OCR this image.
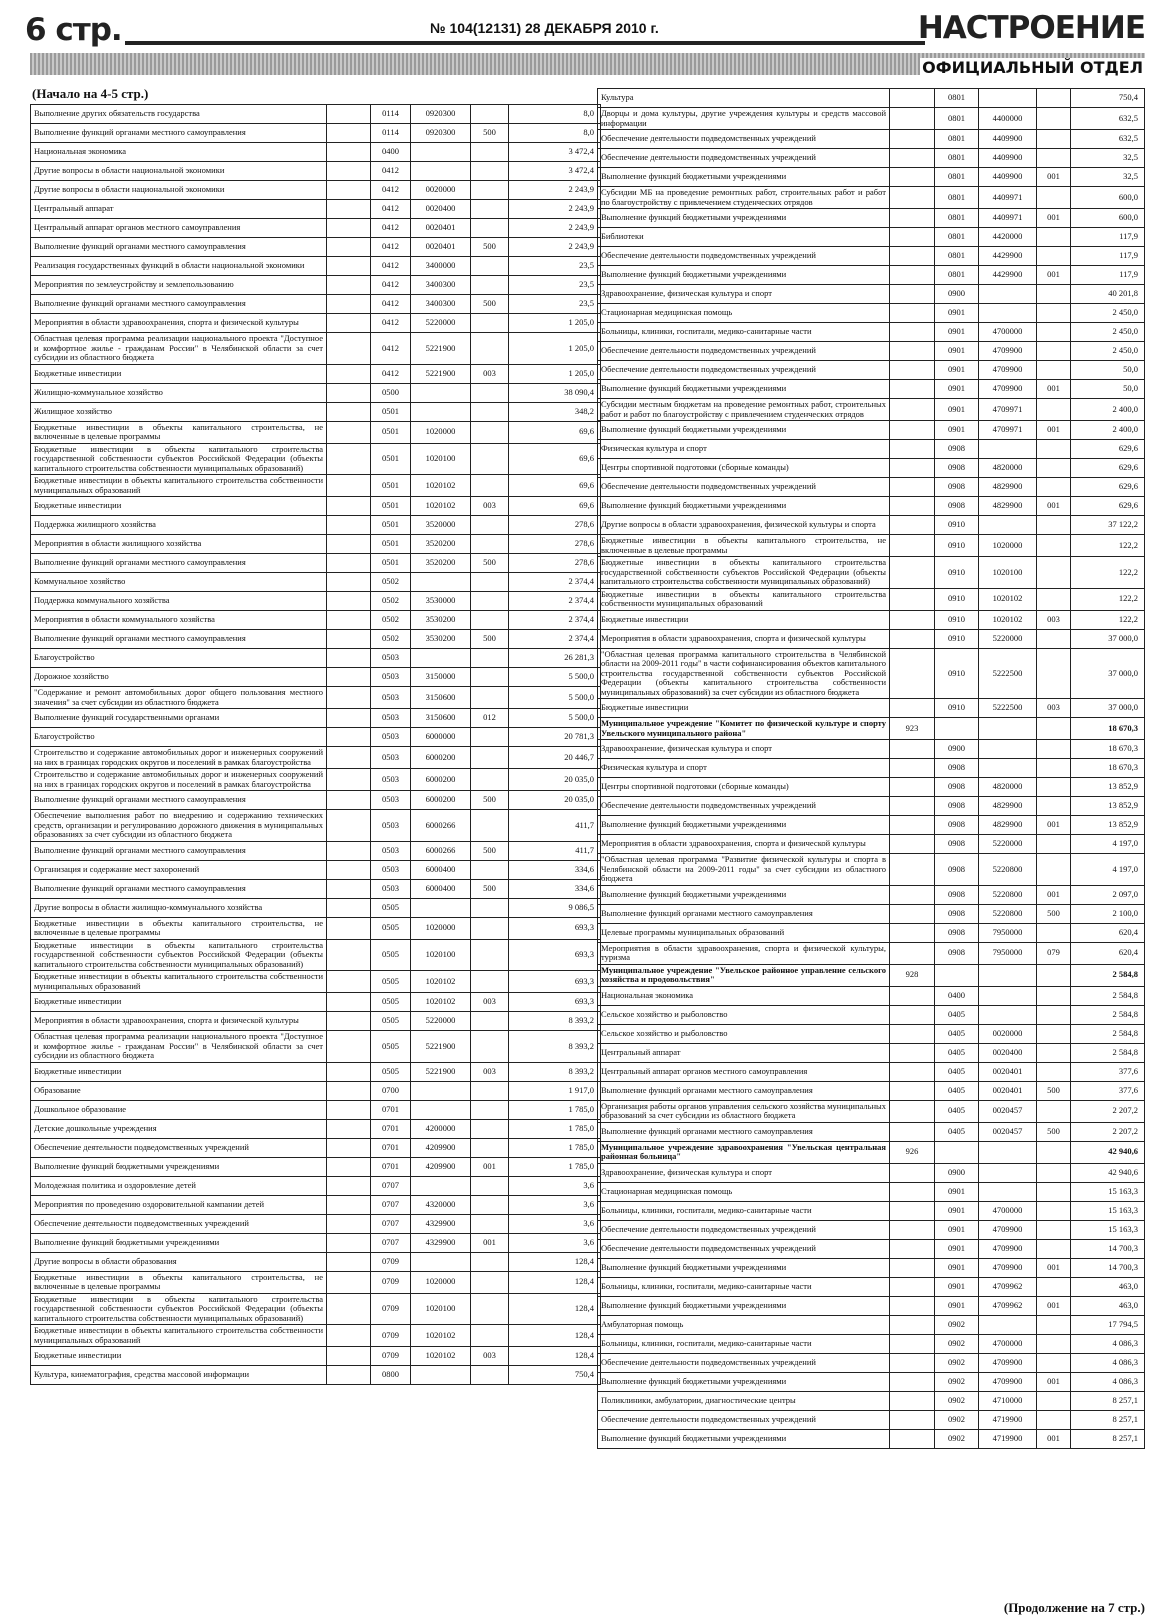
6 стр.	№ 104(12131) 28 ДЕКАБРЯ 2010 г.	НАСТРОЕНИЕ
ОФИЦИАЛЬНЫЙ ОТДЕЛ
(Начало на 4-5 стр.)
Выполнение других обязательств государства		0114	0920300		8,0
Выполнение функций органами местного самоуправления		0114	0920300	500	8,0
Национальная экономика		0400			3 472,4
Другие вопросы в области национальной экономики		0412			3 472,4
Другие вопросы в области национальной экономики		0412	0020000		2 243,9
Центральный аппарат		0412	0020400		2 243,9
Центральный аппарат органов местного самоуправления		0412	0020401		2 243,9
Выполнение функций органами местного самоуправления		0412	0020401	500	2 243,9
Реализация государственных функций в области национальной экономики		0412	3400000		23,5
Мероприятия по землеустройству и землепользованию		0412	3400300		23,5
Выполнение функций органами местного самоуправления		0412	3400300	500	23,5
Мероприятия в области здравоохранения, спорта и физической культуры		0412	5220000		1 205,0
Областная целевая программа реализации национального проекта "Доступное и комфортное жилье - гражданам России" в Челябинской области за счет субсидии из областного бюджета		0412	5221900		1 205,0
Бюджетные инвестиции		0412	5221900	003	1 205,0
Жилищно-коммунальное хозяйство		0500			38 090,4
Жилищное хозяйство		0501			348,2
Бюджетные инвестиции в объекты капитального строительства, не включенные в целевые программы		0501	1020000		69,6
Бюджетные инвестиции в объекты капитального строительства государственной собственности субъектов Российской Федерации (объекты капитального строительства собственности муниципальных образований)		0501	1020100		69,6
Бюджетные инвестиции в объекты капитального строительства собственности муниципальных образований		0501	1020102		69,6
Бюджетные инвестиции		0501	1020102	003	69,6
Поддержка жилищного хозяйства		0501	3520000		278,6
Мероприятия в области жилищного хозяйства		0501	3520200		278,6
Выполнение функций органами местного самоуправления		0501	3520200	500	278,6
Коммунальное хозяйство		0502			2 374,4
Поддержка коммунального хозяйства		0502	3530000		2 374,4
Мероприятия в области коммунального хозяйства		0502	3530200		2 374,4
Выполнение функций органами местного самоуправления		0502	3530200	500	2 374,4
Благоустройство		0503			26 281,3
Дорожное хозяйство		0503	3150000		5 500,0
"Содержание и ремонт автомобильных дорог общего пользования местного значения" за счет субсидии из областного бюджета		0503	3150600		5 500,0
Выполнение функций государственными органами		0503	3150600	012	5 500,0
Благоустройство		0503	6000000		20 781,3
Строительство и содержание автомобильных дорог и инженерных сооружений на них в границах городских округов и поселений в рамках благоустройства		0503	6000200		20 446,7
Строительство и содержание автомобильных дорог и инженерных сооружений на них в границах городских округов и поселений в рамках благоустройства		0503	6000200		20 035,0
Выполнение функций органами местного самоуправления		0503	6000200	500	20 035,0
Обеспечение выполнения работ по внедрению и содержанию технических средств, организации и регулированию дорожного движения в муниципальных образованиях за счет субсидии из областного бюджета		0503	6000266		411,7
Выполнение функций органами местного самоуправления		0503	6000266	500	411,7
Организация и содержание мест захоронений		0503	6000400		334,6
Выполнение функций органами местного самоуправления		0503	6000400	500	334,6
Другие вопросы в области жилищно-коммунального хозяйства		0505			9 086,5
Бюджетные инвестиции в объекты капитального строительства, не включенные в целевые программы		0505	1020000		693,3
Бюджетные инвестиции в объекты капитального строительства государственной собственности субъектов Российской Федерации (объекты капитального строительства собственности муниципальных образований)		0505	1020100		693,3
Бюджетные инвестиции в объекты капитального строительства собственности муниципальных образований		0505	1020102		693,3
Бюджетные инвестиции		0505	1020102	003	693,3
Мероприятия в области здравоохранения, спорта и физической культуры		0505	5220000		8 393,2
Областная целевая программа реализации национального проекта "Доступное и комфортное жилье - гражданам России" в Челябинской области за счет субсидии из областного бюджета		0505	5221900		8 393,2
Бюджетные инвестиции		0505	5221900	003	8 393,2
Образование		0700			1 917,0
Дошкольное образование		0701			1 785,0
Детские дошкольные учреждения		0701	4200000		1 785,0
Обеспечение деятельности подведомственных учреждений		0701	4209900		1 785,0
Выполнение функций бюджетными учреждениями		0701	4209900	001	1 785,0
Молодежная политика и оздоровление детей		0707			3,6
Мероприятия по проведению оздоровительной кампании детей		0707	4320000		3,6
Обеспечение деятельности подведомственных учреждений		0707	4329900		3,6
Выполнение функций бюджетными учреждениями		0707	4329900	001	3,6
Другие вопросы в области образования		0709			128,4
Бюджетные инвестиции в объекты капитального строительства, не включенные в целевые программы		0709	1020000		128,4
Бюджетные инвестиции в объекты капитального строительства государственной собственности субъектов Российской Федерации (объекты капитального строительства собственности муниципальных образований)		0709	1020100		128,4
Бюджетные инвестиции в объекты капитального строительства собственности муниципальных образований		0709	1020102		128,4
Бюджетные инвестиции		0709	1020102	003	128,4
Культура, кинематография, средства массовой информации		0800			750,4
Культура		0801			750,4
Дворцы и дома культуры, другие учреждения культуры и средств массовой информации		0801	4400000		632,5
Обеспечение деятельности подведомственных учреждений		0801	4409900		632,5
Обеспечение деятельности подведомственных учреждений		0801	4409900		32,5
Выполнение функций бюджетными учреждениями		0801	4409900	001	32,5
Субсидии МБ на проведение ремонтных работ, строительных работ и работ по благоустройству с привлечением студенческих отрядов		0801	4409971		600,0
Выполнение функций бюджетными учреждениями		0801	4409971	001	600,0
Библиотеки		0801	4420000		117,9
Обеспечение деятельности подведомственных учреждений		0801	4429900		117,9
Выполнение функций бюджетными учреждениями		0801	4429900	001	117,9
Здравоохранение, физическая культура и спорт		0900			40 201,8
Стационарная медицинская помощь		0901			2 450,0
Больницы, клиники, госпитали, медико-санитарные части		0901	4700000		2 450,0
Обеспечение деятельности подведомственных учреждений		0901	4709900		2 450,0
Обеспечение деятельности подведомственных учреждений		0901	4709900		50,0
Выполнение функций бюджетными учреждениями		0901	4709900	001	50,0
Субсидии местным бюджетам на проведение ремонтных работ, строительных работ и работ по благоустройству с привлечением студенческих отрядов		0901	4709971		2 400,0
Выполнение функций бюджетными учреждениями		0901	4709971	001	2 400,0
Физическая культура и спорт		0908			629,6
Центры спортивной подготовки (сборные команды)		0908	4820000		629,6
Обеспечение деятельности подведомственных учреждений		0908	4829900		629,6
Выполнение функций бюджетными учреждениями		0908	4829900	001	629,6
Другие вопросы в области здравоохранения, физической культуры и спорта		0910			37 122,2
Бюджетные инвестиции в объекты капитального строительства, не включенные в целевые программы		0910	1020000		122,2
Бюджетные инвестиции в объекты капитального строительства государственной собственности субъектов Российской Федерации (объекты капитального строительства собственности муниципальных образований)		0910	1020100		122,2
Бюджетные инвестиции в объекты капитального строительства собственности муниципальных образований		0910	1020102		122,2
Бюджетные инвестиции		0910	1020102	003	122,2
Мероприятия в области здравоохранения, спорта и физической культуры		0910	5220000		37 000,0
"Областная целевая программа капитального строительства в Челябинской области на 2009-2011 годы" в части софинансирования объектов капитального строительства государственной собственности субъектов Российской Федерации (объекты капитального строительства собственности муниципальных образований) за счет субсидии из областного бюджета		0910	5222500		37 000,0
Бюджетные инвестиции		0910	5222500	003	37 000,0
Муниципальное учреждение "Комитет по физической культуре и спорту Увельского муниципального района"	923				18 670,3
Здравоохранение, физическая культура и спорт		0900			18 670,3
Физическая культура и спорт		0908			18 670,3
Центры спортивной подготовки (сборные команды)		0908	4820000		13 852,9
Обеспечение деятельности подведомственных учреждений		0908	4829900		13 852,9
Выполнение функций бюджетными учреждениями		0908	4829900	001	13 852,9
Мероприятия в области здравоохранения, спорта и физической культуры		0908	5220000		4 197,0
"Областная целевая программа "Развитие физической культуры и спорта в Челябинской области на 2009-2011 годы" за счет субсидии из областного бюджета		0908	5220800		4 197,0
Выполнение функций бюджетными учреждениями		0908	5220800	001	2 097,0
Выполнение функций органами местного самоуправления		0908	5220800	500	2 100,0
Целевые программы муниципальных образований		0908	7950000		620,4
Мероприятия в области здравоохранения, спорта и физической культуры, туризма		0908	7950000	079	620,4
Муниципальное учреждение "Увельское районное управление сельского хозяйства и продовольствия"	928				2 584,8
Национальная экономика		0400			2 584,8
Сельское хозяйство и рыболовство		0405			2 584,8
Сельское хозяйство и рыболовство		0405	0020000		2 584,8
Центральный аппарат		0405	0020400		2 584,8
Центральный аппарат органов местного самоуправления		0405	0020401		377,6
Выполнение функций органами местного самоуправления		0405	0020401	500	377,6
Организация работы органов управления сельского хозяйства муниципальных образований за счет субсидии из областного бюджета		0405	0020457		2 207,2
Выполнение функций органами местного самоуправления		0405	0020457	500	2 207,2
Муниципальное учреждение здравоохранения "Увельская центральная районная больница"	926				42 940,6
Здравоохранение, физическая культура и спорт		0900			42 940,6
Стационарная медицинская помощь		0901			15 163,3
Больницы, клиники, госпитали, медико-санитарные части		0901	4700000		15 163,3
Обеспечение деятельности подведомственных учреждений		0901	4709900		15 163,3
Обеспечение деятельности подведомственных учреждений		0901	4709900		14 700,3
Выполнение функций бюджетными учреждениями		0901	4709900	001	14 700,3
Больницы, клиники, госпитали, медико-санитарные части		0901	4709962		463,0
Выполнение функций бюджетными учреждениями		0901	4709962	001	463,0
Амбулаторная помощь		0902			17 794,5
Больницы, клиники, госпитали, медико-санитарные части		0902	4700000		4 086,3
Обеспечение деятельности подведомственных учреждений		0902	4709900		4 086,3
Выполнение функций бюджетными учреждениями		0902	4709900	001	4 086,3
Поликлиники, амбулатории, диагностические центры		0902	4710000		8 257,1
Обеспечение деятельности подведомственных учреждений		0902	4719900		8 257,1
Выполнение функций бюджетными учреждениями		0902	4719900	001	8 257,1
(Продолжение на 7 стр.)
